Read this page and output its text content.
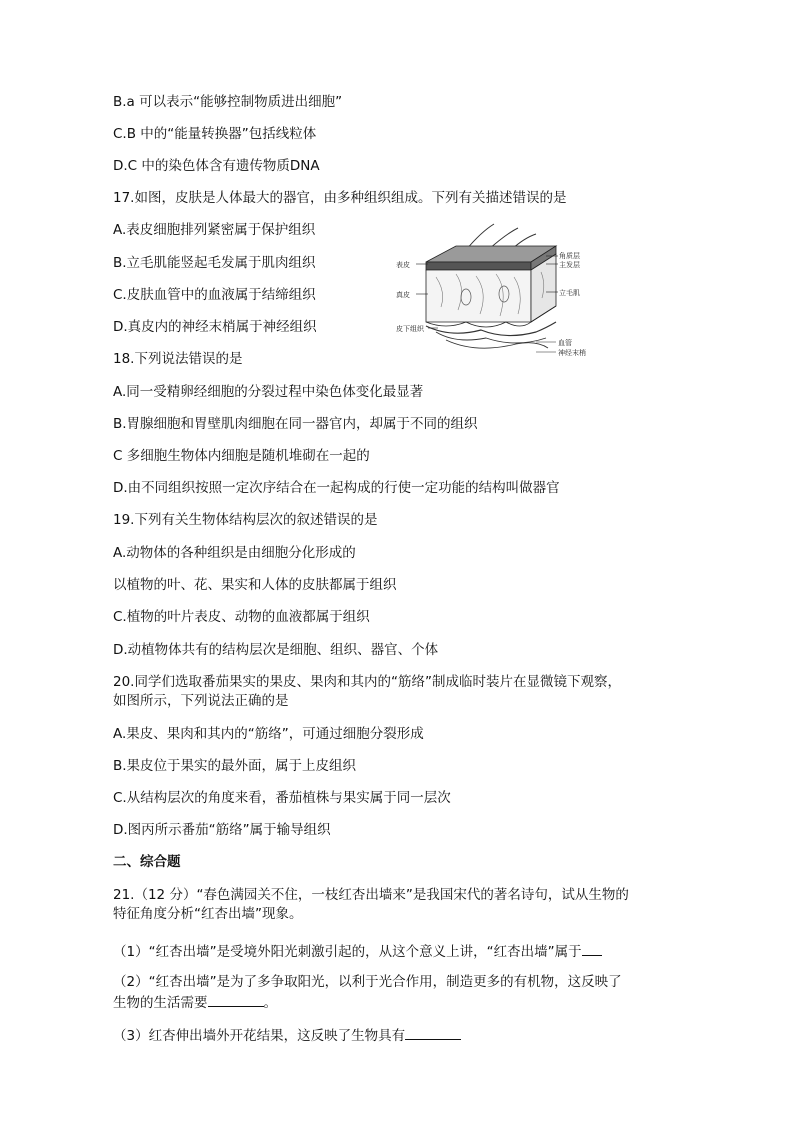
B.a 可以表示“能够控制物质进出细胞”
C.B 中的“能量转换器”包括线粒体
D.C 中的染色体含有遗传物质DNA
17.如图，皮肤是人体最大的器官，由多种组织组成。下列有关描述错误的是
A.表皮细胞排列紧密属于保护组织
B.立毛肌能竖起毛发属于肌肉组织
C.皮肤血管中的血液属于结缔组织
D.真皮内的神经末梢属于神经组织
表皮
真皮
皮下组织
角质层
主发层
立毛肌
血管
神经末梢
18.下列说法错误的是
A.同一受精卵经细胞的分裂过程中染色体变化最显著
B.胃腺细胞和胃壁肌肉细胞在同一器官内，却属于不同的组织
C 多细胞生物体内细胞是随机堆砌在一起的
D.由不同组织按照一定次序结合在一起构成的行使一定功能的结构叫做器官
19.下列有关生物体结构层次的叙述错误的是
A.动物体的各种组织是由细胞分化形成的
以植物的叶、花、果实和人体的皮肤都属于组织
C.植物的叶片表皮、动物的血液都属于组织
D.动植物体共有的结构层次是细胞、组织、器官、个体
20.同学们选取番茄果实的果皮、果肉和其内的“筋络”制成临时装片在显微镜下观察，
如图所示，下列说法正确的是
A.果皮、果肉和其内的“筋络”，可通过细胞分裂形成
B.果皮位于果实的最外面，属于上皮组织
C.从结构层次的角度来看，番茄植株与果实属于同一层次
D.图丙所示番茄“筋络”属于输导组织
二、综合题
21.（12 分）“春色满园关不住，一枝红杏出墙来”是我国宋代的著名诗句，试从生物的
特征角度分析“红杏出墙”现象。
（1）“红杏出墙”是受境外阳光刺激引起的，从这个意义上讲，“红杏出墙”属于
（2）“红杏出墙”是为了多争取阳光，以利于光合作用，制造更多的有机物，这反映了
生物的生活需要	。
（3）红杏伸出墙外开花结果，这反映了生物具有
